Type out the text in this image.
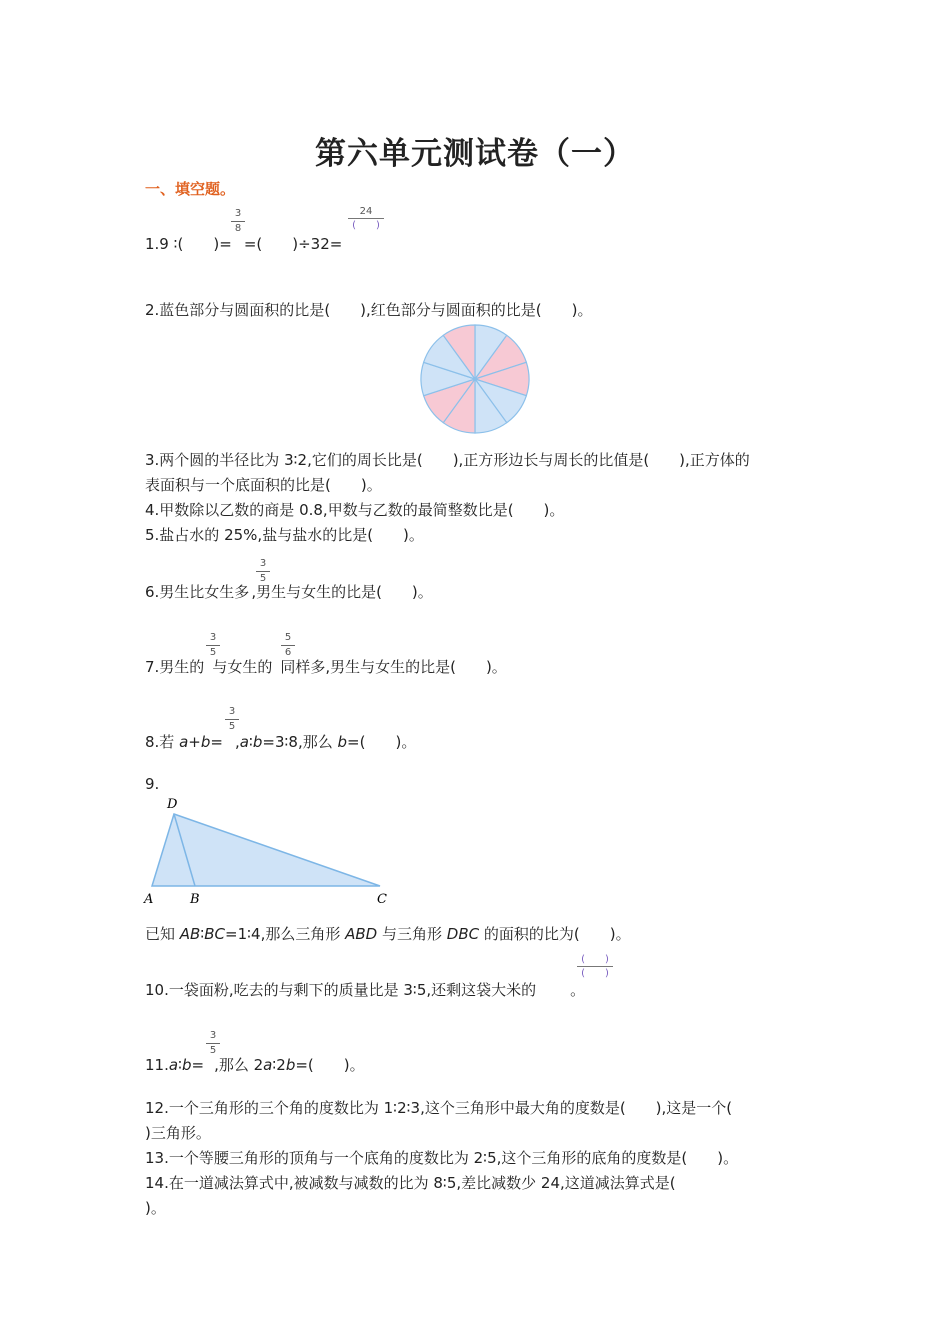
第六单元测试卷（一）
一、填空题。
1.9 ∶(　　)= =(　　)÷32=
3
8
24
(　　)
2.蓝色部分与圆面积的比是(　　),红色部分与圆面积的比是(　　)。
3.两个圆的半径比为 3∶2,它们的周长比是(　　),正方形边长与周长的比值是(　　),正方体的
表面积与一个底面积的比是(　　)。
4.甲数除以乙数的商是 0.8,甲数与乙数的最简整数比是(　　)。
5.盐占水的 25%,盐与盐水的比是(　　)。
6.男生比女生多 ,男生与女生的比是(　　)。
3
5
7.男生的 与女生的 同样多,男生与女生的比是(　　)。
3
5
5
6
8.若 a+b= ,a∶b=3∶8,那么 b=(　　)。
3
5
9.
D
A	B	C
已知 AB∶BC=1∶4,那么三角形 ABD 与三角形 DBC 的面积的比为(　　)。
10.一袋面粉,吃去的与剩下的质量比是 3∶5,还剩这袋大米的 。
(　　)
(　　)
11.a∶b= ,那么 2a∶2b=(　　)。
3
5
12.一个三角形的三个角的度数比为 1∶2∶3,这个三角形中最大角的度数是(　　),这是一个(
)三角形。
13.一个等腰三角形的顶角与一个底角的度数比为 2∶5,这个三角形的底角的度数是(　　)。
14.在一道减法算式中,被减数与减数的比为 8∶5,差比减数少 24,这道减法算式是(
)。
